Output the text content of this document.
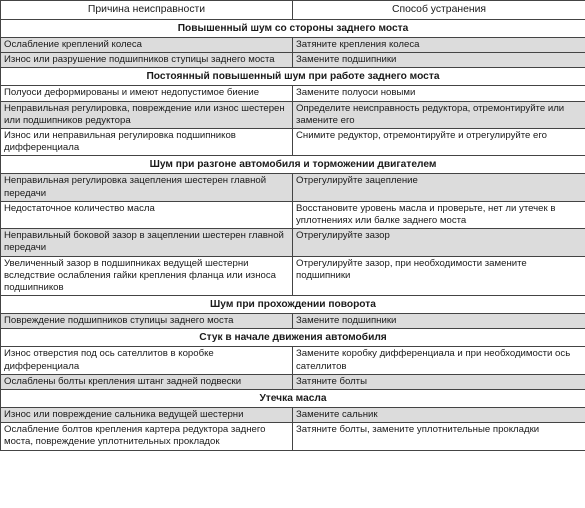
Причина неисправности	Способ устранения
Повышенный шум со стороны заднего моста	
Ослабление креплений колеса	Затяните крепления колеса
Износ или разрушение подшипников ступицы заднего моста	Замените подшипники
Постоянный повышенный шум при работе заднего моста	
Полуоси деформированы и имеют недопустимое биение	Замените полуоси новыми
Неправильная регулировка, повреждение или износ шестерен или подшипников редуктора	Определите неисправность редуктора, отремонтируйте или замените его
Износ или неправильная регулировка подшипников дифференциала	Снимите редуктор, отремонтируйте и отрегулируйте его
Шум при разгоне автомобиля и торможении двигателем	
Неправильная регулировка зацепления шестерен главной передачи	Отрегулируйте зацепление
Недостаточное количество масла	Восстановите уровень масла и проверьте, нет ли утечек в уплотнениях или балке заднего моста
Неправильный боковой зазор в зацеплении шестерен главной передачи	Отрегулируйте зазор
Увеличенный зазор в подшипниках ведущей шестерни вследствие ослабления гайки крепления фланца или износа подшипников	Отрегулируйте зазор, при необходимости замените подшипники
Шум при прохождении поворота	
Повреждение подшипников ступицы заднего моста	Замените подшипники
Стук в начале движения автомобиля	
Износ отверстия под ось сателлитов в коробке дифференциала	Замените коробку дифференциала и при необходимости ось сателлитов
Ослаблены болты крепления штанг задней подвески	Затяните болты
Утечка масла	
Износ или повреждение сальника ведущей шестерни	Замените сальник
Ослабление болтов крепления картера редуктора заднего моста, повреждение уплотнительных прокладок	Затяните болты, замените уплотнительные прокладки
